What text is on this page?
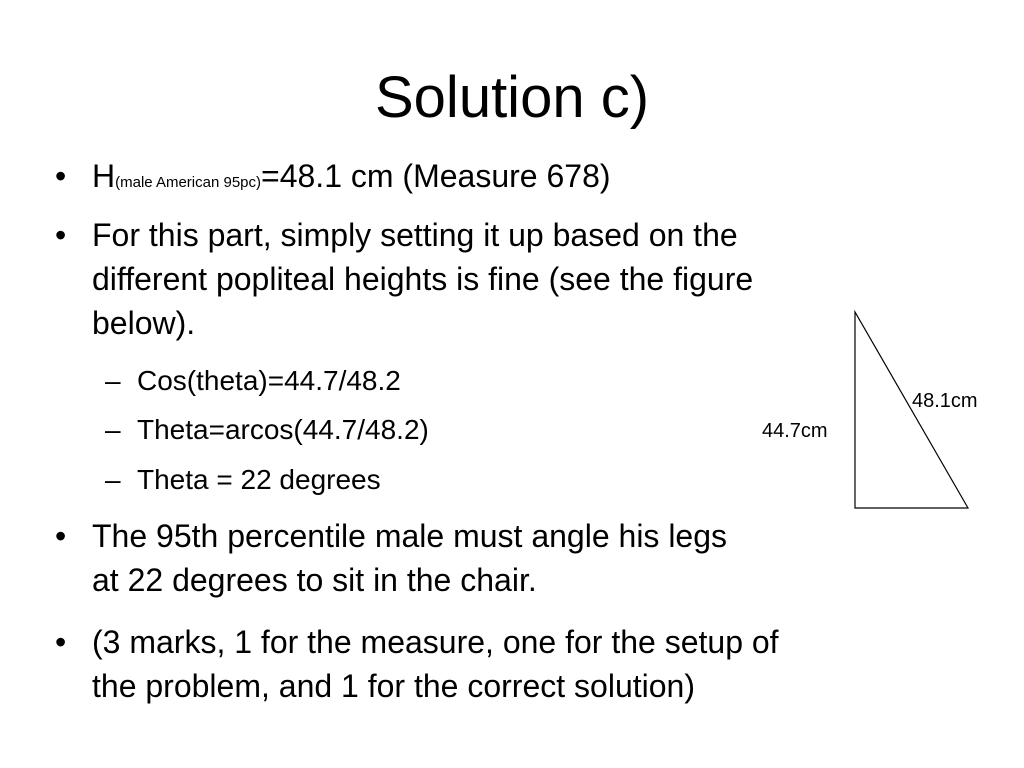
Solution c)
• H(male American 95pc)=48.1 cm (Measure 678)
• For this part, simply setting it up based on the
different popliteal heights is fine (see the figure
below).
– Cos(theta)=44.7/48.2
– Theta=arcos(44.7/48.2)
– Theta = 22 degrees
• The 95th percentile male must angle his legs
at 22 degrees to sit in the chair.
• (3 marks, 1 for the measure, one for the setup of
the problem, and 1 for the correct solution)
44.7cm
48.1cm
